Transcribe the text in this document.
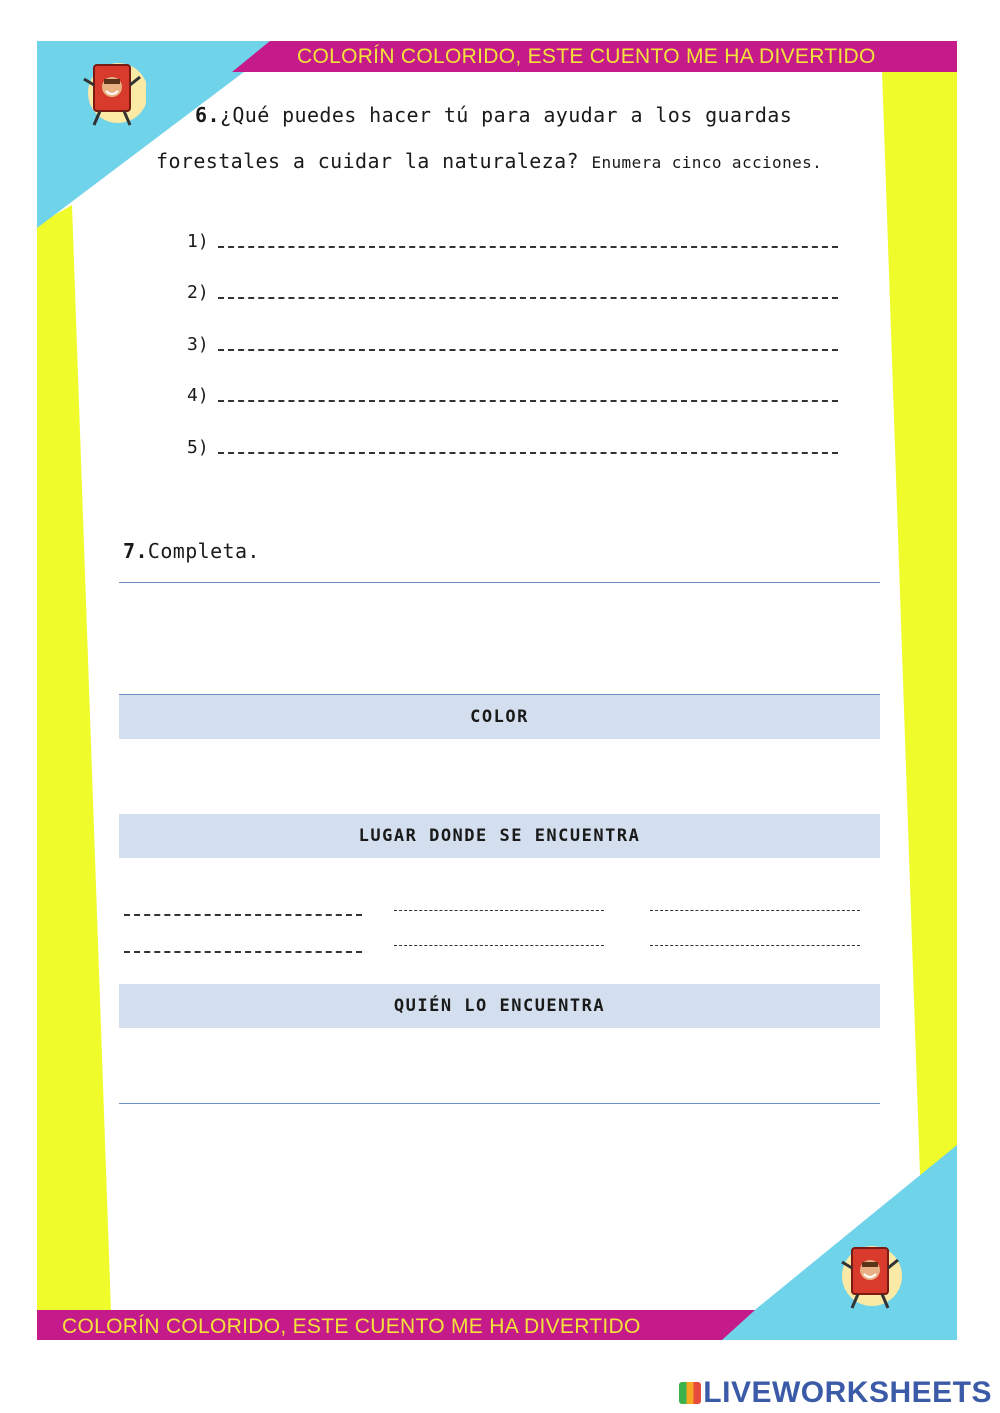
COLORÍN COLORIDO, ESTE CUENTO ME HA DIVERTIDO
COLORÍN COLORIDO, ESTE CUENTO ME HA DIVERTIDO
6.¿Qué puedes hacer tú para ayudar a los guardas
forestales a cuidar la naturaleza? Enumera cinco acciones.
1)
2)
3)
4)
5)
7.Completa.
COLOR
LUGAR DONDE SE ENCUENTRA
QUIÉN LO ENCUENTRA
LIVEWORKSHEETS
